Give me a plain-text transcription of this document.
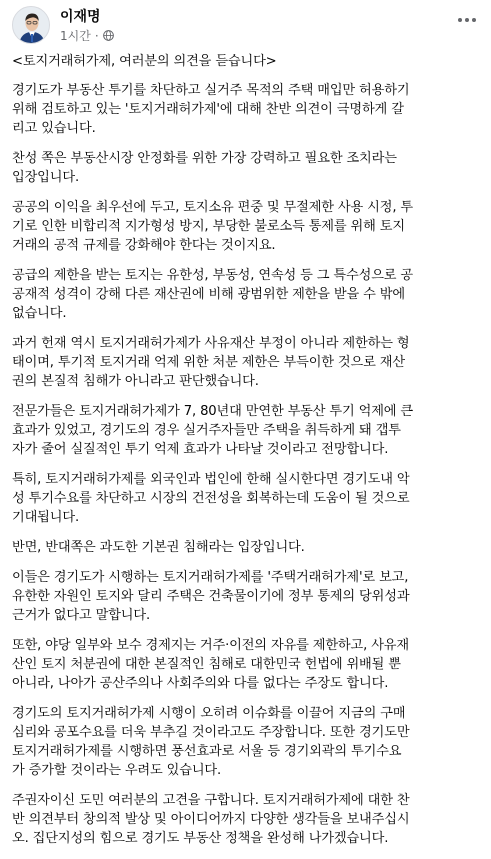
이재명
1시간 ·

<토지거래허가제, 여러분의 의견을 듣습니다>

경기도가 부동산 투기를 차단하고 실거주 목적의 주택 매입만 허용하기
위해 검토하고 있는 '토지거래허가제'에 대해 찬반 의견이 극명하게 갈
리고 있습니다.

찬성 쪽은 부동산시장 안정화를 위한 가장 강력하고 필요한 조치라는
입장입니다.

공공의 이익을 최우선에 두고, 토지소유 편중 및 무절제한 사용 시정, 투
기로 인한 비합리적 지가형성 방지, 부당한 불로소득 통제를 위해 토지
거래의 공적 규제를 강화해야 한다는 것이지요.

공급의 제한을 받는 토지는 유한성, 부동성, 연속성 등 그 특수성으로 공
공재적 성격이 강해 다른 재산권에 비해 광범위한 제한을 받을 수 밖에
없습니다.

과거 헌재 역시 토지거래허가제가 사유재산 부정이 아니라 제한하는 형
태이며, 투기적 토지거래 억제 위한 처분 제한은 부득이한 것으로 재산
권의 본질적 침해가 아니라고 판단했습니다.

전문가들은 토지거래허가제가 7, 80년대 만연한 부동산 투기 억제에 큰
효과가 있었고, 경기도의 경우 실거주자들만 주택을 취득하게 돼 갭투
자가 줄어 실질적인 투기 억제 효과가 나타날 것이라고 전망합니다.

특히, 토지거래허가제를 외국인과 법인에 한해 실시한다면 경기도내 악
성 투기수요를 차단하고 시장의 건전성을 회복하는데 도움이 될 것으로
기대됩니다.

반면, 반대쪽은 과도한 기본권 침해라는 입장입니다.

이들은 경기도가 시행하는 토지거래허가제를 '주택거래허가제'로 보고,
유한한 자원인 토지와 달리 주택은 건축물이기에 정부 통제의 당위성과
근거가 없다고 말합니다.

또한, 야당 일부와 보수 경제지는 거주·이전의 자유를 제한하고, 사유재
산인 토지 처분권에 대한 본질적인 침해로 대한민국 헌법에 위배될 뿐
아니라, 나아가 공산주의나 사회주의와 다를 없다는 주장도 합니다.

경기도의 토지거래허가제 시행이 오히려 이슈화를 이끌어 지금의 구매
심리와 공포수요를 더욱 부추길 것이라고도 주장합니다. 또한 경기도만
토지거래허가제를 시행하면 풍선효과로 서울 등 경기외곽의 투기수요
가 증가할 것이라는 우려도 있습니다.

주권자이신 도민 여러분의 고견을 구합니다. 토지거래허가제에 대한 찬
반 의견부터 창의적 발상 및 아이디어까지 다양한 생각들을 보내주십시
오. 집단지성의 힘으로 경기도 부동산 정책을 완성해 나가겠습니다.
